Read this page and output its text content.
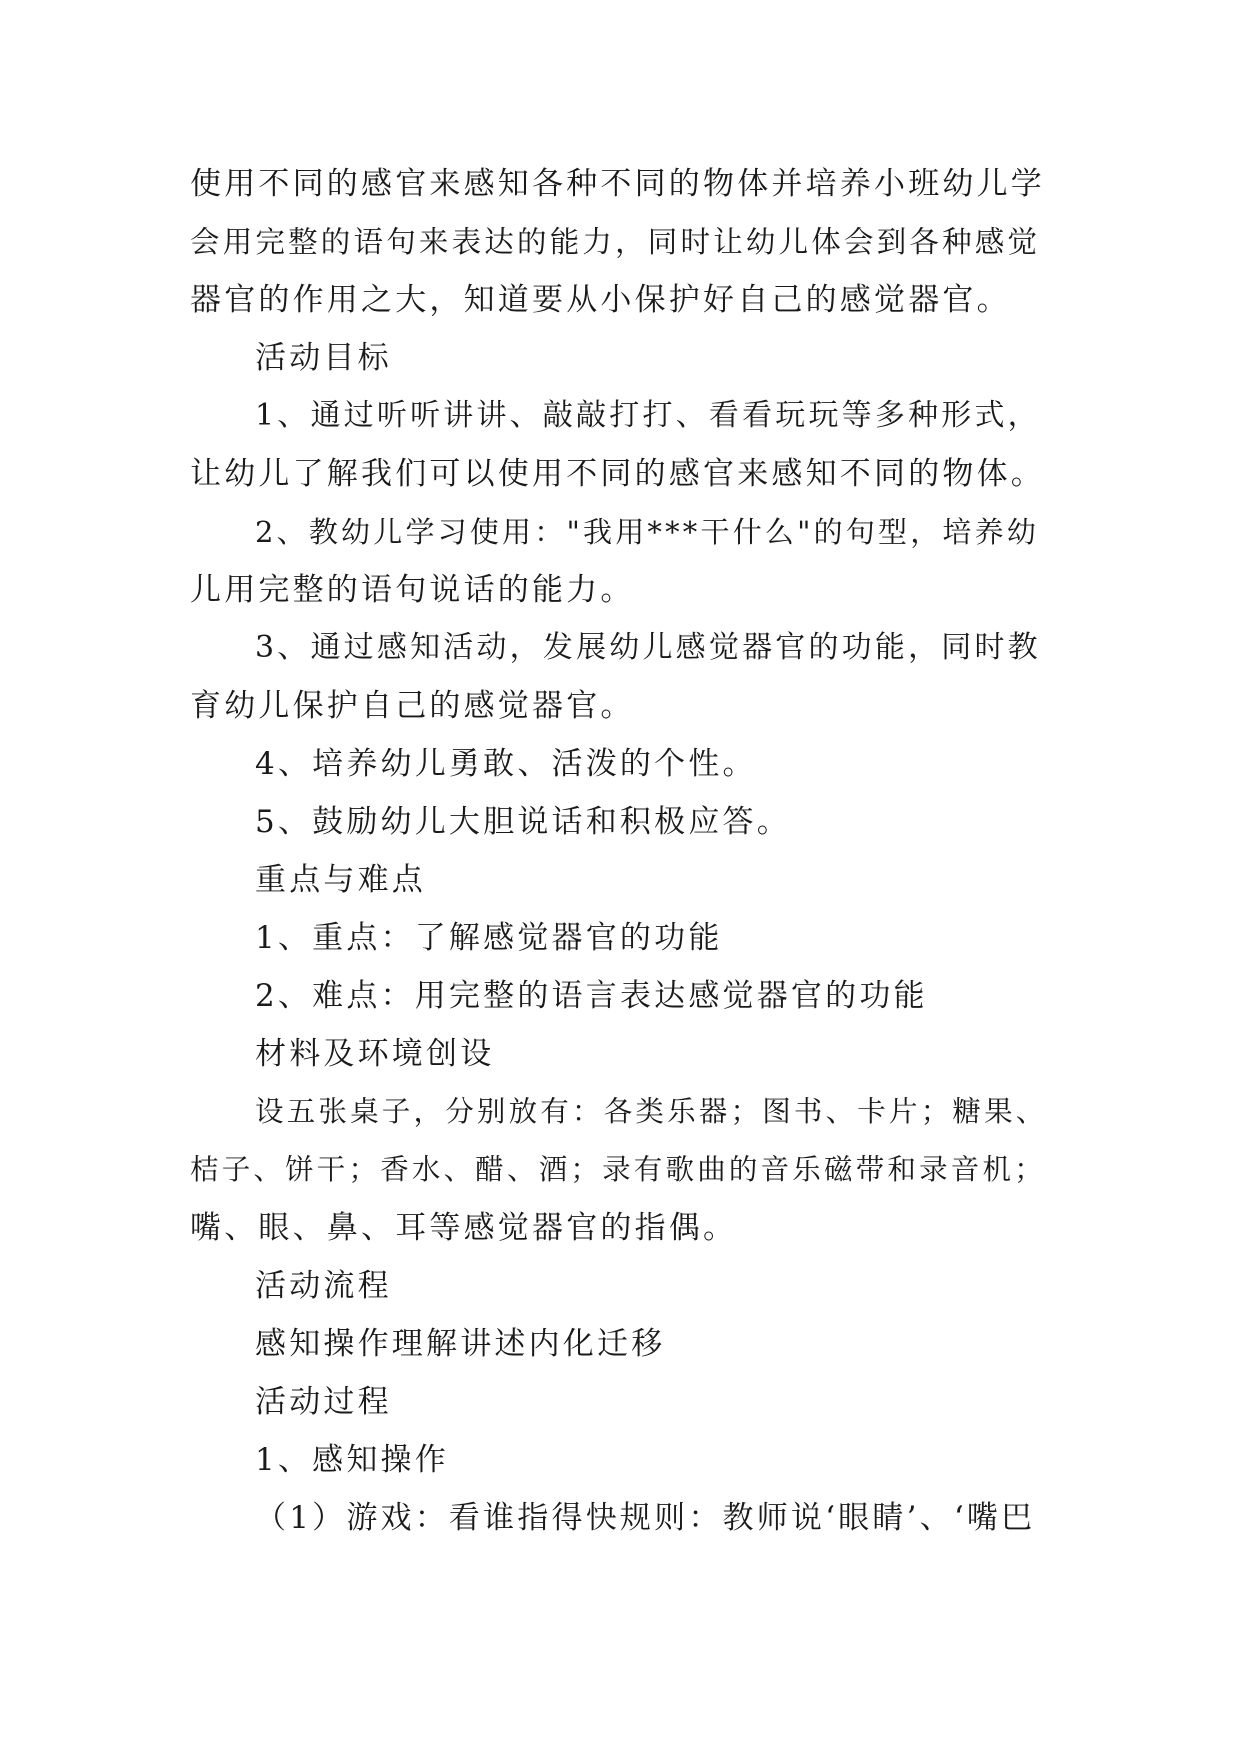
使用不同的感官来感知各种不同的物体并培养小班幼儿学
会用完整的语句来表达的能力，同时让幼儿体会到各种感觉
器官的作用之大，知道要从小保护好自己的感觉器官。
活动目标
1、通过听听讲讲、敲敲打打、看看玩玩等多种形式，
让幼儿了解我们可以使用不同的感官来感知不同的物体。
2、教幼儿学习使用："我用***干什么"的句型，培养幼
儿用完整的语句说话的能力。
3、通过感知活动，发展幼儿感觉器官的功能，同时教
育幼儿保护自己的感觉器官。
4、培养幼儿勇敢、活泼的个性。
5、鼓励幼儿大胆说话和积极应答。
重点与难点
1、重点：了解感觉器官的功能
2、难点：用完整的语言表达感觉器官的功能
材料及环境创设
设五张桌子，分别放有：各类乐器；图书、卡片；糖果、
桔子、饼干；香水、醋、酒；录有歌曲的音乐磁带和录音机；
嘴、眼、鼻、耳等感觉器官的指偶。
活动流程
感知操作理解讲述内化迁移
活动过程
1、感知操作
（1）游戏：看谁指得快规则：教师说‘眼睛’、‘嘴巴
